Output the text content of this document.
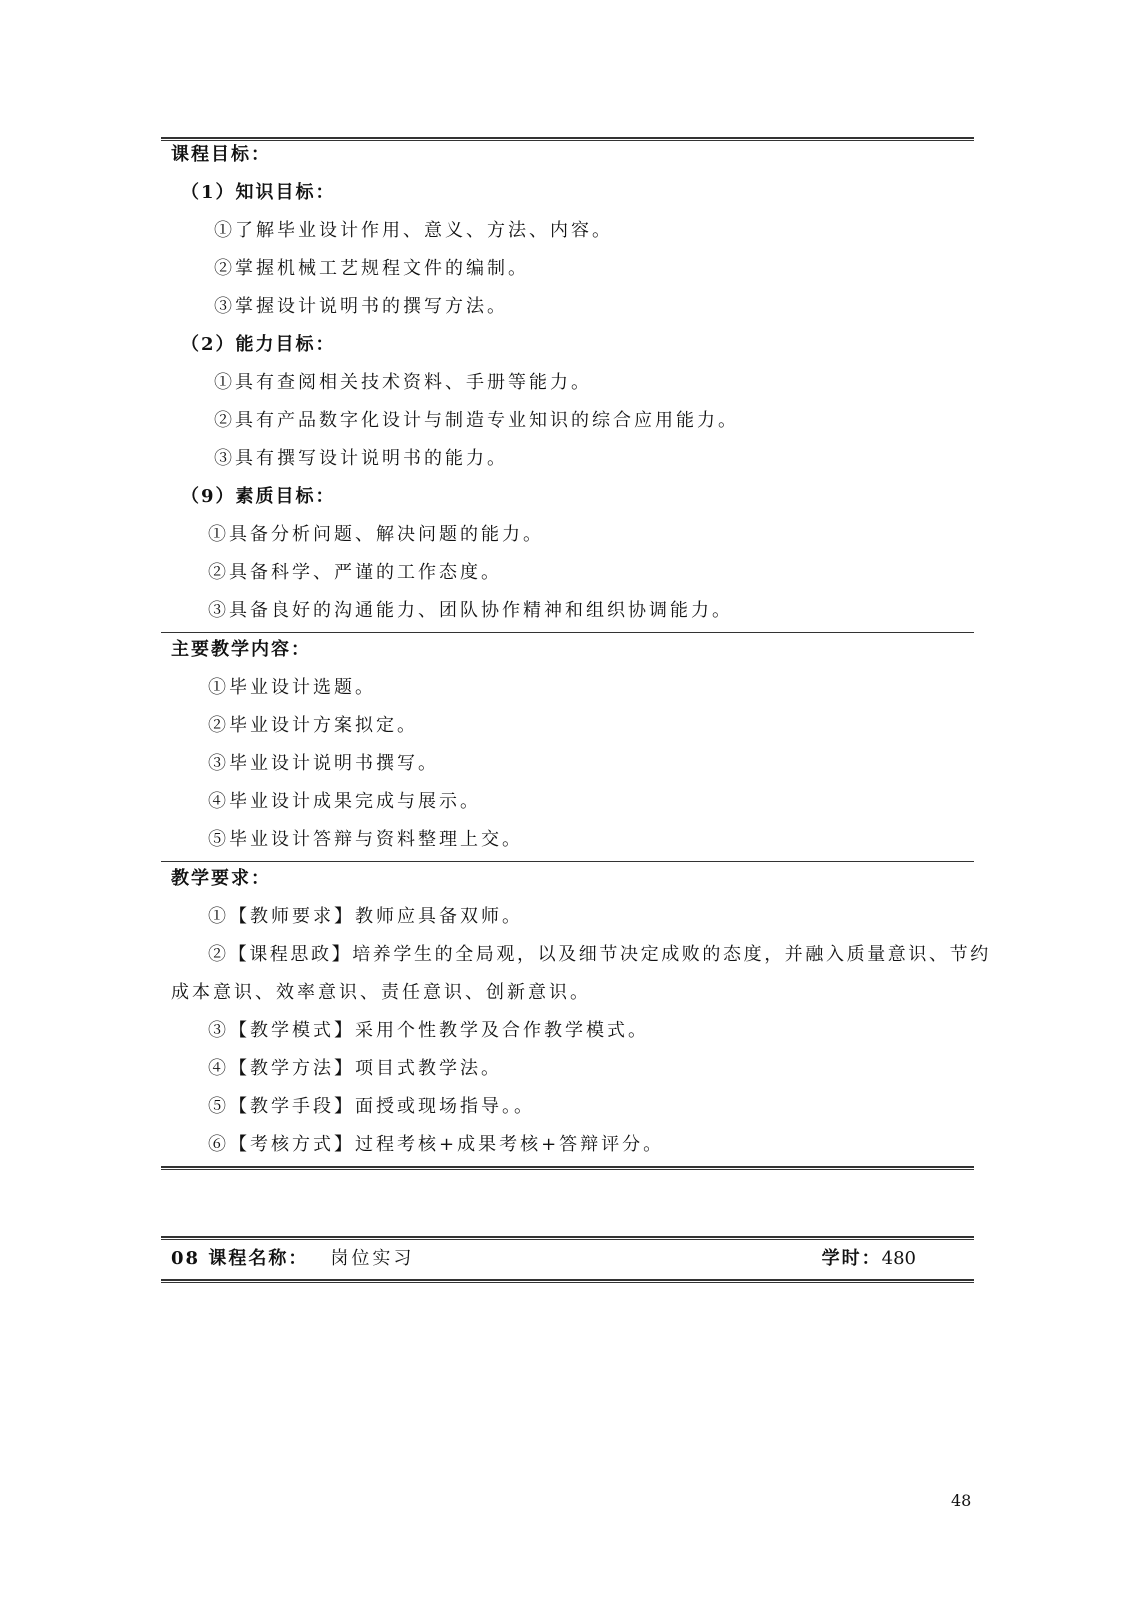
课程目标：
（1）知识目标：
①了解毕业设计作用、意义、方法、内容。
②掌握机械工艺规程文件的编制。
③掌握设计说明书的撰写方法。
（2）能力目标：
①具有查阅相关技术资料、手册等能力。
②具有产品数字化设计与制造专业知识的综合应用能力。
③具有撰写设计说明书的能力。
（9）素质目标：
①具备分析问题、解决问题的能力。
②具备科学、严谨的工作态度。
③具备良好的沟通能力、团队协作精神和组织协调能力。
主要教学内容：
①毕业设计选题。
②毕业设计方案拟定。
③毕业设计说明书撰写。
④毕业设计成果完成与展示。
⑤毕业设计答辩与资料整理上交。
教学要求：
①【教师要求】教师应具备双师。
②【课程思政】培养学生的全局观，以及细节决定成败的态度，并融入质量意识、节约
成本意识、效率意识、责任意识、创新意识。
③【教学模式】采用个性教学及合作教学模式。
④【教学方法】项目式教学法。
⑤【教学手段】面授或现场指导。。
⑥【考核方式】过程考核+成果考核+答辩评分。
08 课程名称： 岗位实习	学时：480
48
